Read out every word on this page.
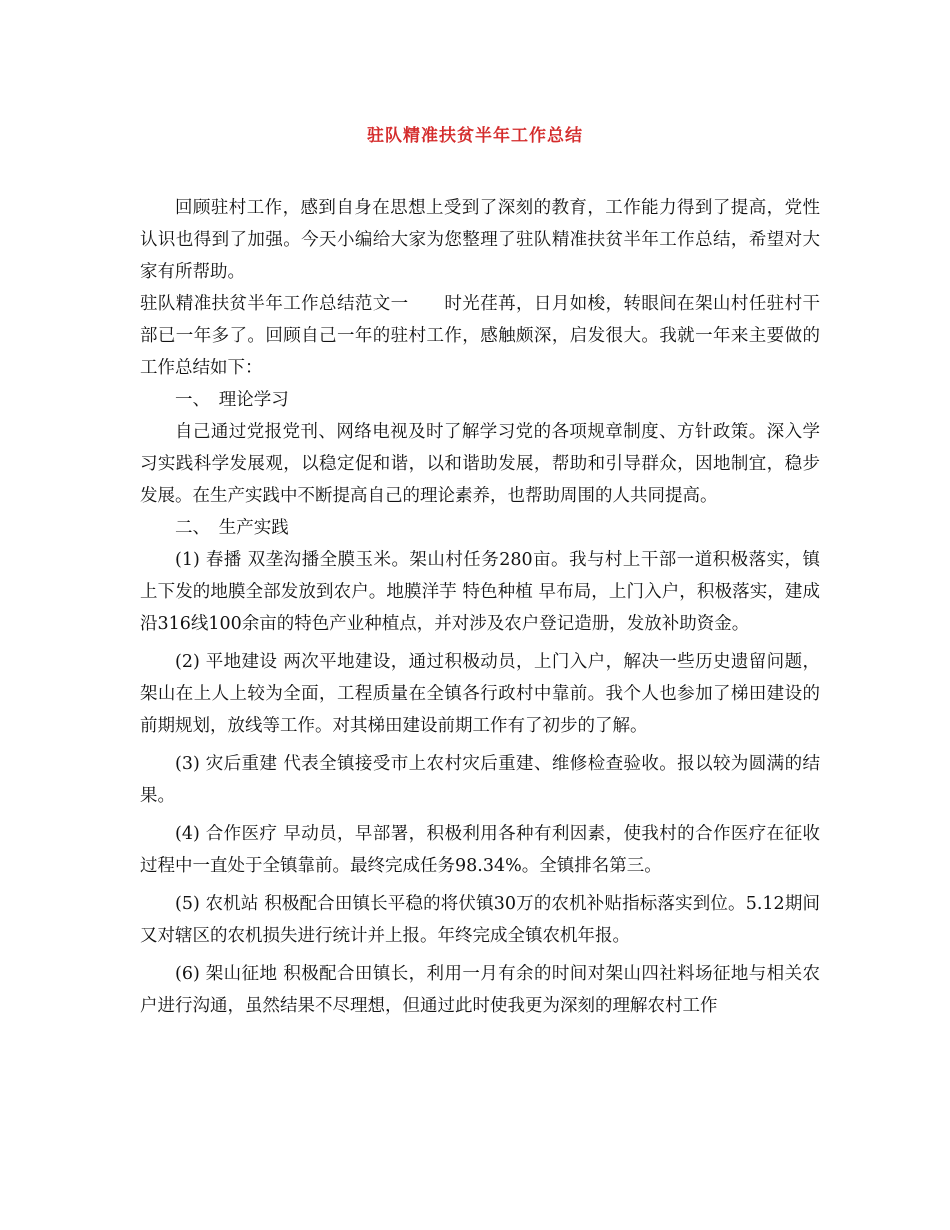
驻队精准扶贫半年工作总结

回顾驻村工作，感到自身在思想上受到了深刻的教育，工作能力得到了提高，党性认识也得到了加强。今天小编给大家为您整理了驻队精准扶贫半年工作总结，希望对大家有所帮助。

驻队精准扶贫半年工作总结范文一　　时光荏苒，日月如梭，转眼间在架山村任驻村干部已一年多了。回顾自己一年的驻村工作，感触颇深，启发很大。我就一年来主要做的工作总结如下：

一、　理论学习

自己通过党报党刊、网络电视及时了解学习党的各项规章制度、方针政策。深入学习实践科学发展观，以稳定促和谐，以和谐助发展，帮助和引导群众，因地制宜，稳步发展。在生产实践中不断提高自己的理论素养，也帮助周围的人共同提高。

二、　生产实践

(1) 春播 双垄沟播全膜玉米。架山村任务280亩。我与村上干部一道积极落实，镇上下发的地膜全部发放到农户。地膜洋芋 特色种植 早布局，上门入户，积极落实，建成沿316线100余亩的特色产业种植点，并对涉及农户登记造册，发放补助资金。

(2) 平地建设 两次平地建设，通过积极动员，上门入户，解决一些历史遗留问题，架山在上人上较为全面，工程质量在全镇各行政村中靠前。我个人也参加了梯田建设的前期规划，放线等工作。对其梯田建设前期工作有了初步的了解。

(3) 灾后重建 代表全镇接受市上农村灾后重建、维修检查验收。报以较为圆满的结果。

(4) 合作医疗 早动员，早部署，积极利用各种有利因素，使我村的合作医疗在征收过程中一直处于全镇靠前。最终完成任务98.34%。全镇排名第三。

(5) 农机站 积极配合田镇长平稳的将伏镇30万的农机补贴指标落实到位。5.12期间又对辖区的农机损失进行统计并上报。年终完成全镇农机年报。

(6) 架山征地 积极配合田镇长，利用一月有余的时间对架山四社料场征地与相关农户进行沟通，虽然结果不尽理想，但通过此时使我更为深刻的理解农村工作
